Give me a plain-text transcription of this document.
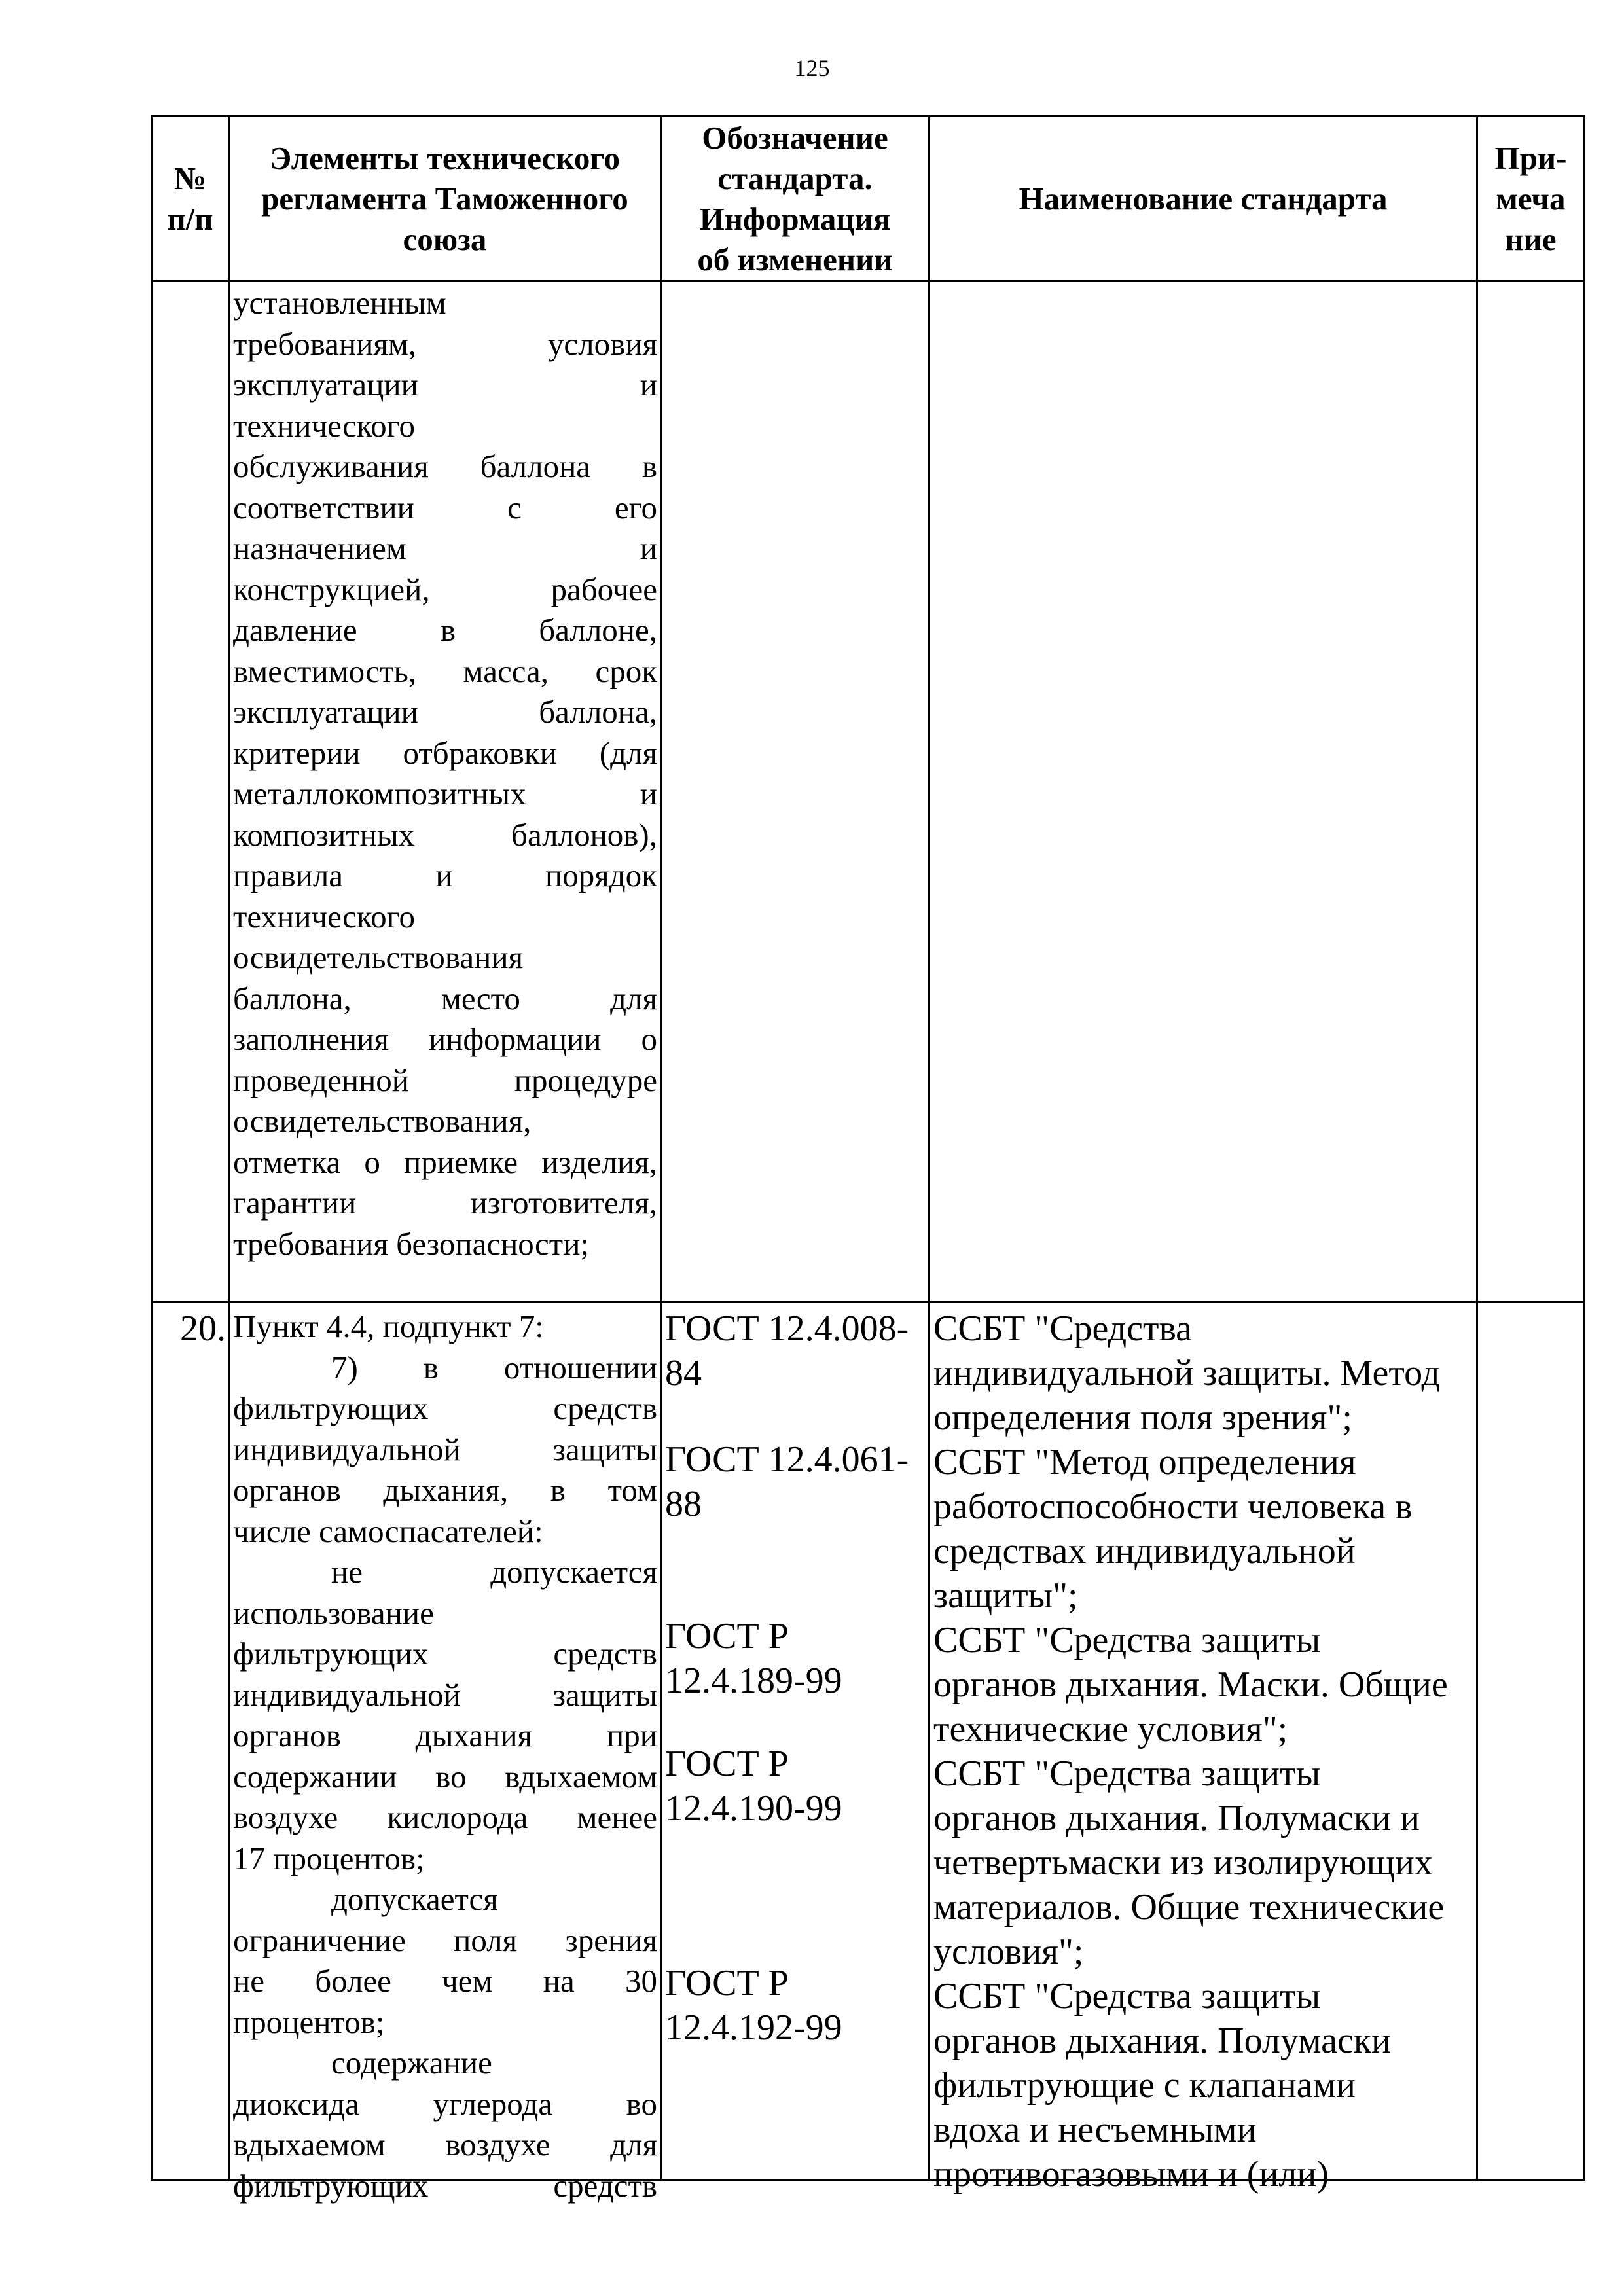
125
№
п/п
Элементы технического
регламента Таможенного
союза
Обозначение
стандарта.
Информация
об изменении
Наименование стандарта
При-
меча
ние
установленным
требованиям, условия
эксплуатации и
технического
обслуживания баллона в
соответствии с его
назначением и
конструкцией, рабочее
давление в баллоне,
вместимость, масса, срок
эксплуатации баллона,
критерии отбраковки (для
металлокомпозитных и
композитных баллонов),
правила и порядок
технического
освидетельствования
баллона, место для
заполнения информации о
проведенной процедуре
освидетельствования,
отметка о приемке изделия,
гарантии изготовителя,
требования безопасности;
20. Пункт 4.4, подпункт 7:
7) в отношении
фильтрующих средств
индивидуальной защиты
органов дыхания, в том
числе самоспасателей:
не допускается
использование
фильтрующих средств
индивидуальной защиты
органов дыхания при
содержании во вдыхаемом
воздухе кислорода менее
17 процентов;
допускается
ограничение поля зрения
не более чем на 30
процентов;
содержание
диоксида углерода во
вдыхаемом воздухе для
фильтрующих средств
ГОСТ 12.4.008-
84
ГОСТ 12.4.061-
88
ГОСТ Р
12.4.189-99
ГОСТ Р
12.4.190-99
ГОСТ Р
12.4.192-99
ССБТ "Средства
индивидуальной защиты. Метод
определения поля зрения";
ССБТ "Метод определения
работоспособности человека в
средствах индивидуальной
защиты";
ССБТ "Средства защиты
органов дыхания. Маски. Общие
технические условия";
ССБТ "Средства защиты
органов дыхания. Полумаски и
четвертьмаски из изолирующих
материалов. Общие технические
условия";
ССБТ "Средства защиты
органов дыхания. Полумаски
фильтрующие с клапанами
вдоха и несъемными
противогазовыми и (или)
